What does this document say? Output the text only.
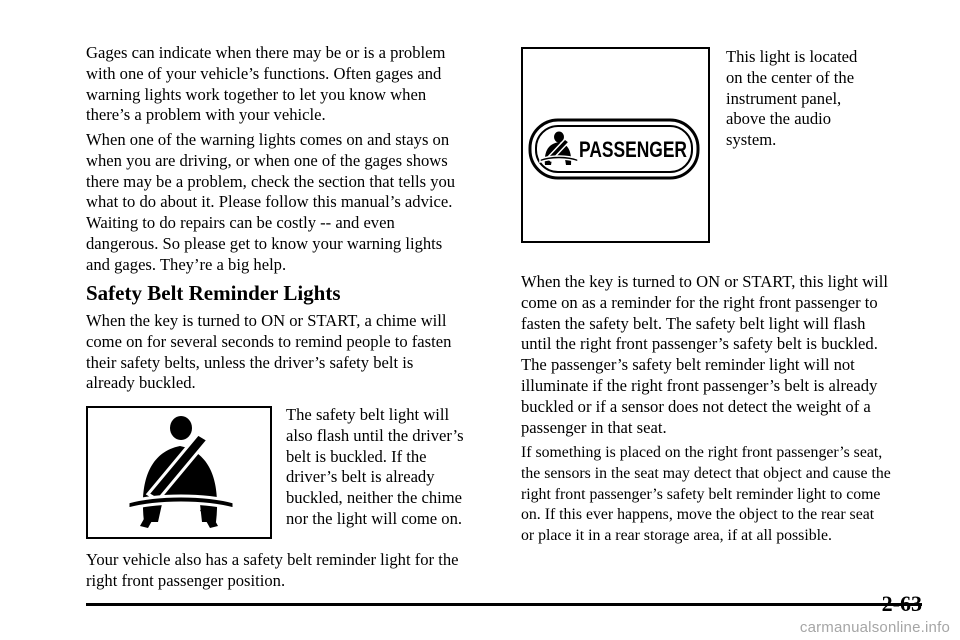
Gages can indicate when there may be or is a problem
with one of your vehicle’s functions. Often gages and
warning lights work together to let you know when
there’s a problem with your vehicle.

When one of the warning lights comes on and stays on
when you are driving, or when one of the gages shows
there may be a problem, check the section that tells you
what to do about it. Please follow this manual’s advice.
Waiting to do repairs can be costly -- and even
dangerous. So please get to know your warning lights
and gages. They’re a big help.

Safety Belt Reminder Lights

When the key is turned to ON or START, a chime will
come on for several seconds to remind people to fasten
their safety belts, unless the driver’s safety belt is
already buckled.

The safety belt light will
also flash until the driver’s
belt is buckled. If the
driver’s belt is already
buckled, neither the chime
nor the light will come on.

Your vehicle also has a safety belt reminder light for the
right front passenger position.

PASSENGER

This light is located
on the center of the
instrument panel,
above the audio
system.

When the key is turned to ON or START, this light will
come on as a reminder for the right front passenger to
fasten the safety belt. The safety belt light will flash
until the right front passenger’s safety belt is buckled.
The passenger’s safety belt reminder light will not
illuminate if the right front passenger’s belt is already
buckled or if a sensor does not detect the weight of a
passenger in that seat.

If something is placed on the right front passenger’s seat,
the sensors in the seat may detect that object and cause the
right front passenger’s safety belt reminder light to come
on. If this ever happens, move the object to the rear seat
or place it in a rear storage area, if at all possible.

2-63

carmanualsonline.info
